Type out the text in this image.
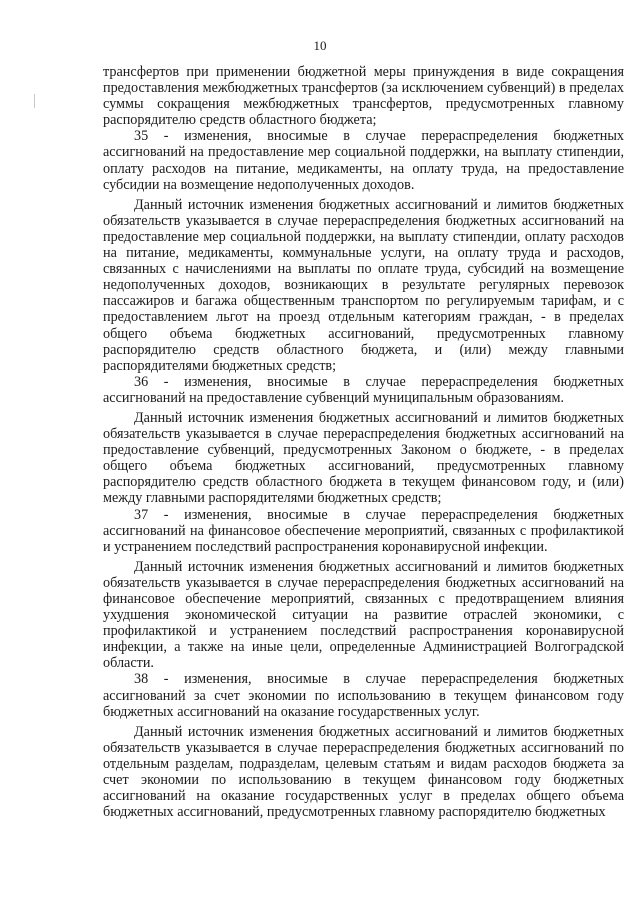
10

трансфертов при применении бюджетной меры принуждения в виде сокращения предоставления межбюджетных трансфертов (за исключением субвенций) в пределах суммы сокращения межбюджетных трансфертов, предусмотренных главному распорядителю средств областного бюджета;

35 - изменения, вносимые в случае перераспределения бюджетных ассигнований на предоставление мер социальной поддержки, на выплату стипендии, оплату расходов на питание, медикаменты, на оплату труда, на предоставление субсидии на возмещение недополученных доходов.

Данный источник изменения бюджетных ассигнований и лимитов бюджетных обязательств указывается в случае перераспределения бюджетных ассигнований на предоставление мер социальной поддержки, на выплату стипендии, оплату расходов на питание, медикаменты, коммунальные услуги, на оплату труда и расходов, связанных с начислениями на выплаты по оплате труда, субсидий на возмещение недополученных доходов, возникающих в результате регулярных перевозок пассажиров и багажа общественным транспортом по регулируемым тарифам, и с предоставлением льгот на проезд отдельным категориям граждан, - в пределах общего объема бюджетных ассигнований, предусмотренных главному распорядителю средств областного бюджета, и (или) между главными распорядителями бюджетных средств;

36 - изменения, вносимые в случае перераспределения бюджетных ассигнований на предоставление субвенций муниципальным образованиям.

Данный источник изменения бюджетных ассигнований и лимитов бюджетных обязательств указывается в случае перераспределения бюджетных ассигнований на предоставление субвенций, предусмотренных Законом о бюджете, - в пределах общего объема бюджетных ассигнований, предусмотренных главному распорядителю средств областного бюджета в текущем финансовом году, и (или) между главными распорядителями бюджетных средств;

37 - изменения, вносимые в случае перераспределения бюджетных ассигнований на финансовое обеспечение мероприятий, связанных с профилактикой и устранением последствий распространения коронавирусной инфекции.

Данный источник изменения бюджетных ассигнований и лимитов бюджетных обязательств указывается в случае перераспределения бюджетных ассигнований на финансовое обеспечение мероприятий, связанных с предотвращением влияния ухудшения экономической ситуации на развитие отраслей экономики, с профилактикой и устранением последствий распространения коронавирусной инфекции, а также на иные цели, определенные Администрацией Волгоградской области.

38 - изменения, вносимые в случае перераспределения бюджетных ассигнований за счет экономии по использованию в текущем финансовом году бюджетных ассигнований на оказание государственных услуг.

Данный источник изменения бюджетных ассигнований и лимитов бюджетных обязательств указывается в случае перераспределения бюджетных ассигнований по отдельным разделам, подразделам, целевым статьям и видам расходов бюджета за счет экономии по использованию в текущем финансовом году бюджетных ассигнований на оказание государственных услуг в пределах общего объема бюджетных ассигнований, предусмотренных главному распорядителю бюджетных
